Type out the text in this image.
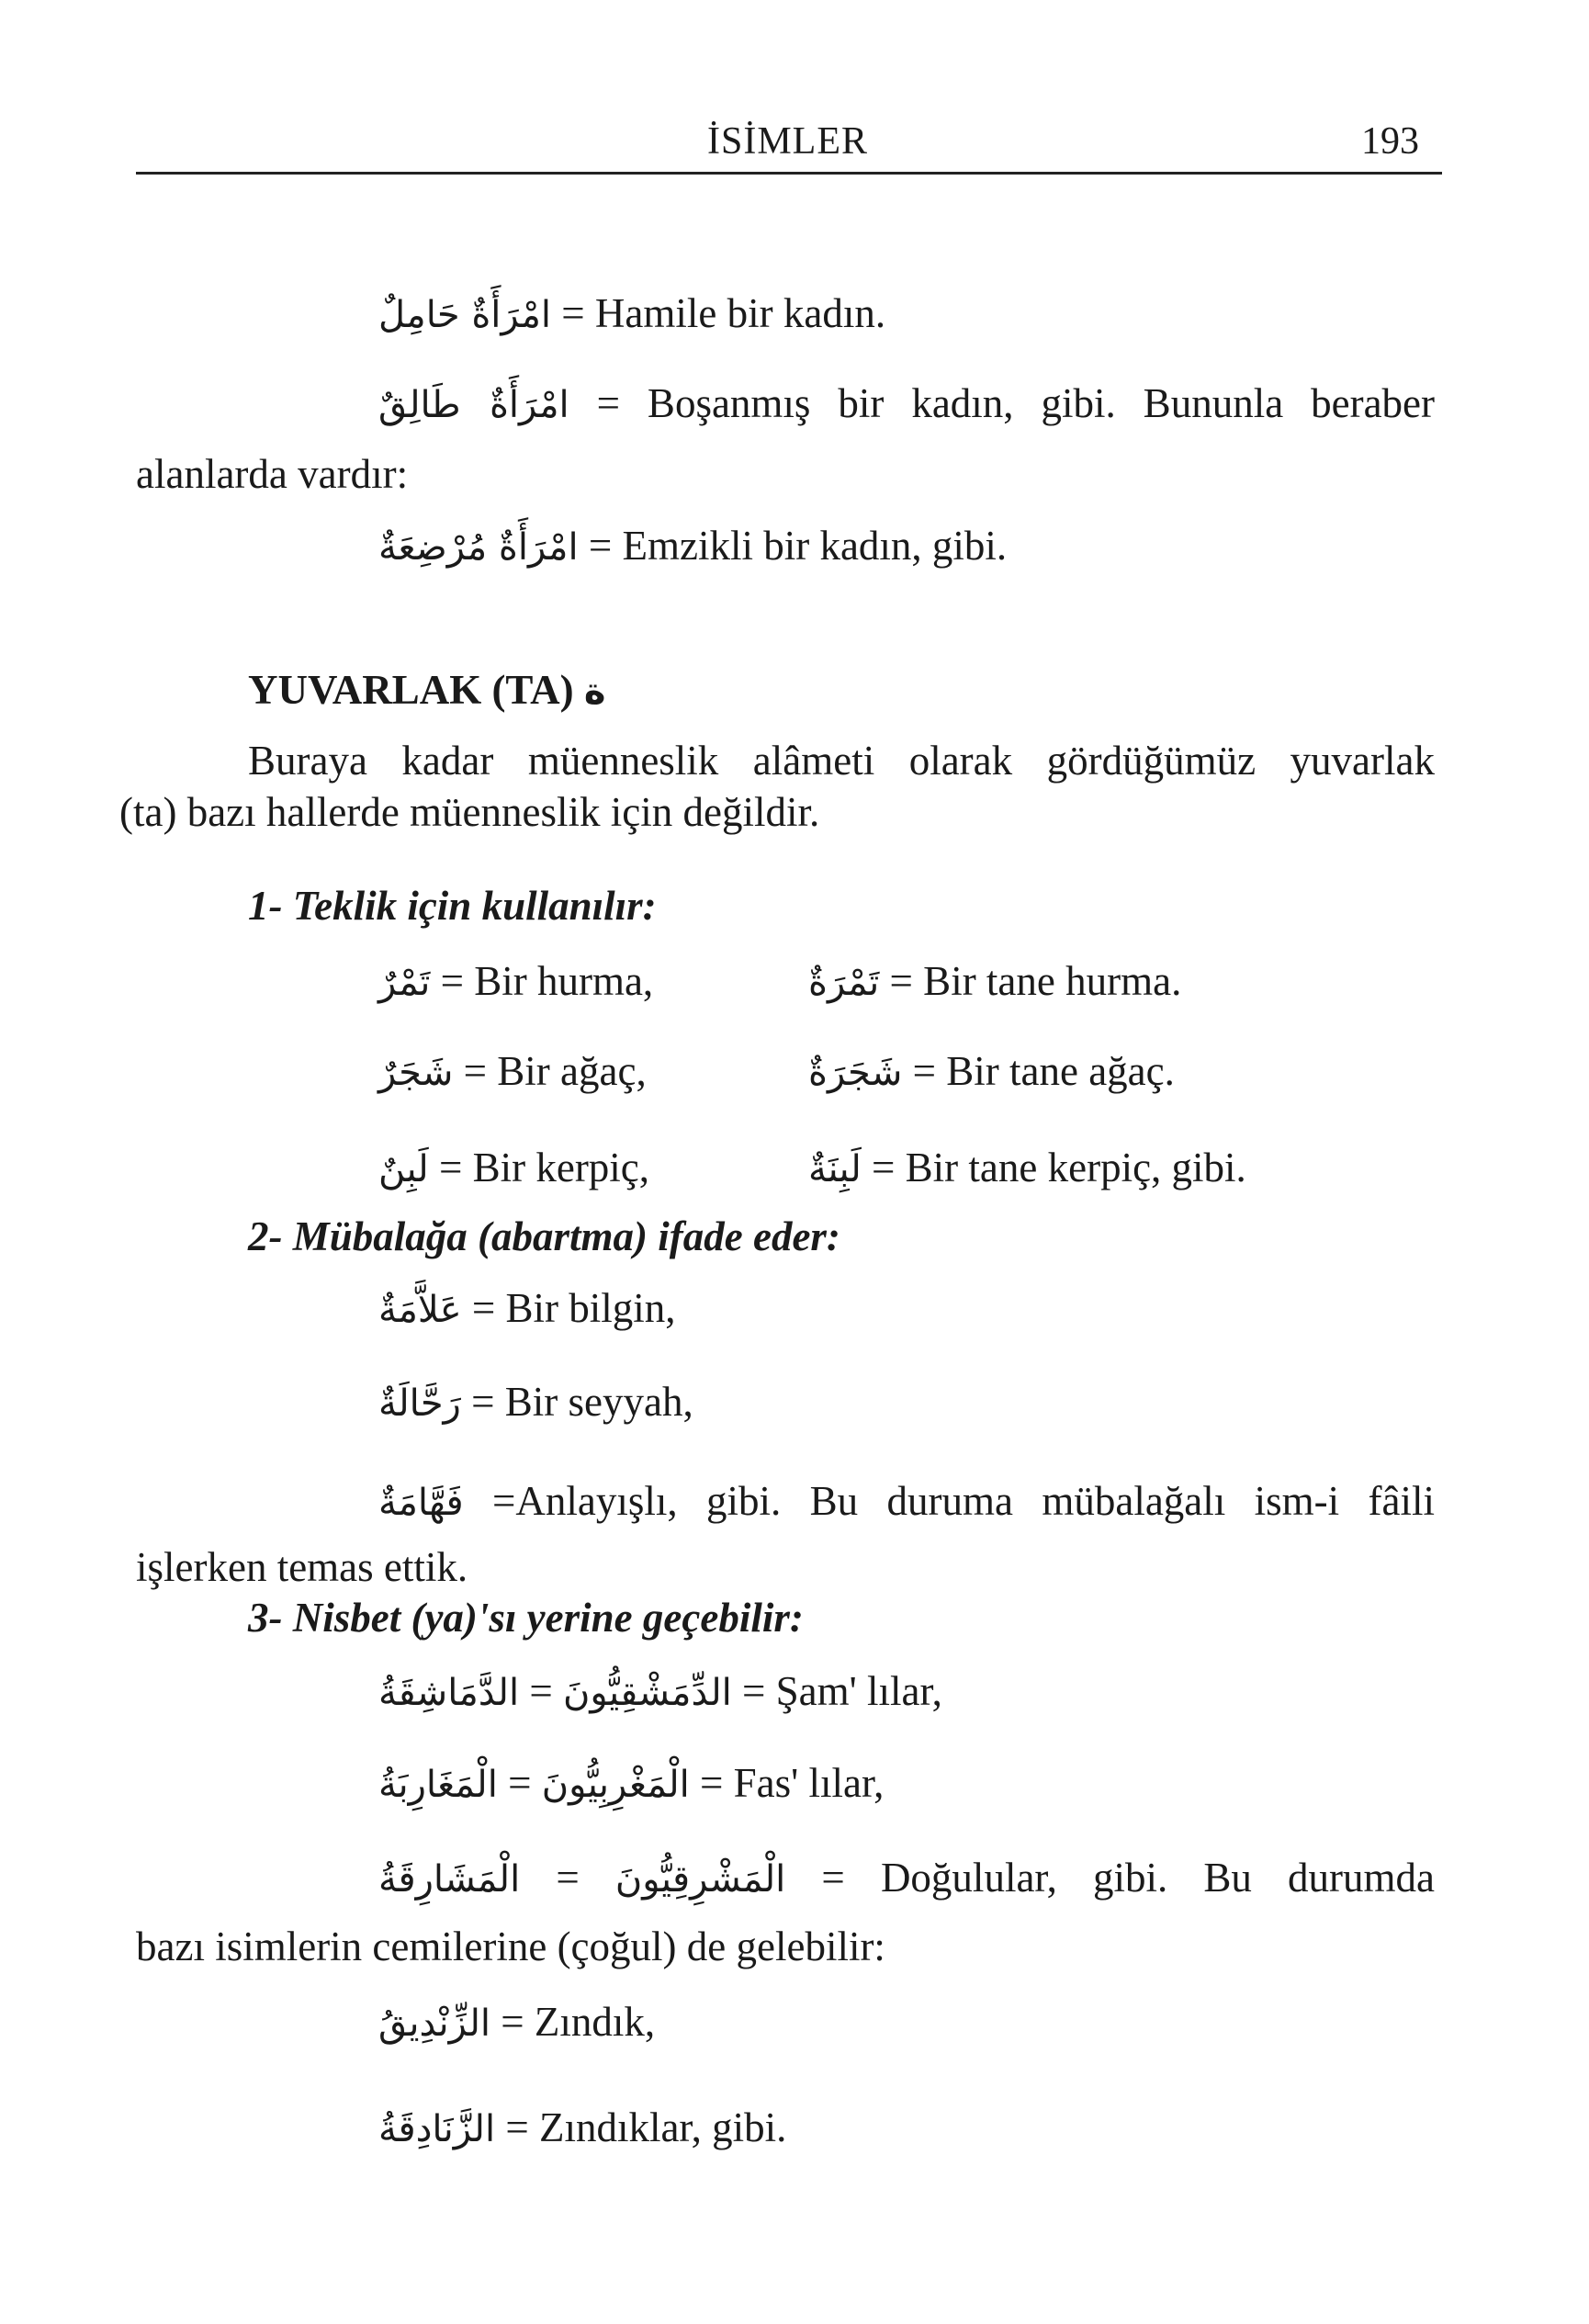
İSİMLER	193
امْرَأَةٌ حَامِلٌ = Hamile bir kadın.
امْرَأَةٌ طَالِقٌ = Boşanmış bir kadın, gibi. Bununla beraber
alanlarda vardır:
امْرَأَةٌ مُرْضِعَةٌ = Emzikli bir kadın, gibi.
YUVARLAK (TA) ة
Buraya kadar müenneslik alâmeti olarak gördüğümüz yuvarlak
(ta) bazı hallerde müenneslik için değildir.
1- Teklik için kullanılır:
تَمْرٌ = Bir hurma,	تَمْرَةٌ = Bir tane hurma.
شَجَرٌ = Bir ağaç,	شَجَرَةٌ = Bir tane ağaç.
لَبِنٌ = Bir kerpiç,	لَبِنَةٌ = Bir tane kerpiç, gibi.
2- Mübalağa (abartma) ifade eder:
عَلاَّمَةٌ = Bir bilgin,
رَحَّالَةٌ = Bir seyyah,
فَهَّامَةٌ =Anlayışlı, gibi. Bu duruma mübalağalı ism-i fâili
işlerken temas ettik.
3- Nisbet (ya)'sı yerine geçebilir:
الدَّمَاشِقَةُ = الدِّمَشْقِيُّونَ = Şam' lılar,
الْمَغَارِبَةُ = الْمَغْرِبِيُّونَ = Fas' lılar,
الْمَشَارِقَةُ = الْمَشْرِقِيُّونَ = Doğulular, gibi. Bu durumda
bazı isimlerin cemilerine (çoğul) de gelebilir:
الزِّنْدِيقُ = Zındık,
الزَّنَادِقَةُ = Zındıklar, gibi.
